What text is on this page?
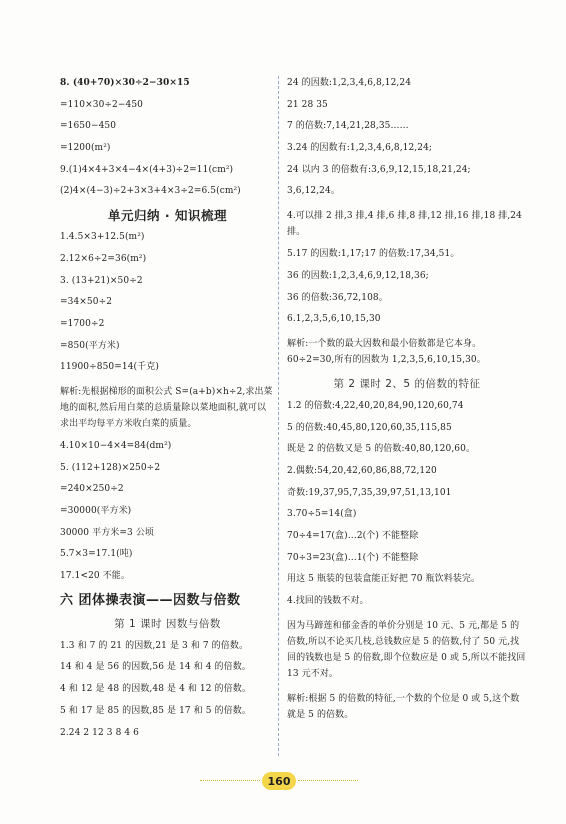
8. (40+70)×30÷2−30×15
=110×30÷2−450
=1650−450
=1200(m²)
9.(1)4×4+3×4−4×(4+3)÷2=11(cm²)
(2)4×(4−3)÷2+3×3+4×3÷2=6.5(cm²)
单元归纳 · 知识梳理
1.4.5×3+12.5(m²)
2.12×6÷2=36(m²)
3. (13+21)×50÷2
=34×50÷2
=1700÷2
=850(平方米)
11900÷850=14(千克)
解析:先根据梯形的面积公式 S=(a+b)×h÷2,求出菜地的面积,然后用白菜的总质量除以菜地面积,就可以求出平均每平方米收白菜的质量。
4.10×10−4×4=84(dm²)
5. (112+128)×250÷2
=240×250÷2
=30000(平方米)
30000 平方米=3 公顷
5.7×3=17.1(吨)
17.1<20 不能。
六 团体操表演——因数与倍数
第 1 课时 因数与倍数
1.3 和 7 的 21 的因数,21 是 3 和 7 的倍数。
14 和 4 是 56 的因数,56 是 14 和 4 的倍数。
4 和 12 是 48 的因数,48 是 4 和 12 的倍数。
5 和 17 是 85 的因数,85 是 17 和 5 的倍数。
2.24 2 12 3 8 4 6
24 的因数:1,2,3,4,6,8,12,24
21 28 35
7 的倍数:7,14,21,28,35……
3.24 的因数有:1,2,3,4,6,8,12,24;
24 以内 3 的倍数有:3,6,9,12,15,18,21,24;
3,6,12,24。
4.可以排 2 排,3 排,4 排,6 排,8 排,12 排,16 排,18 排,24 排。
5.17 的因数:1,17;17 的倍数:17,34,51。
36 的因数:1,2,3,4,6,9,12,18,36;
36 的倍数:36,72,108。
6.1,2,3,5,6,10,15,30
解析:一个数的最大因数和最小倍数都是它本身。60÷2=30,所有的因数为 1,2,3,5,6,10,15,30。
第 2 课时 2、5 的倍数的特征
1.2 的倍数:4,22,40,20,84,90,120,60,74
5 的倍数:40,45,80,120,60,35,115,85
既是 2 的倍数又是 5 的倍数:40,80,120,60。
2.偶数:54,20,42,60,86,88,72,120
奇数:19,37,95,7,35,39,97,51,13,101
3.70÷5=14(盒)
70÷4=17(盒)…2(个) 不能整除
70÷3=23(盒)…1(个) 不能整除
用这 5 瓶装的包装盒能正好把 70 瓶饮料装完。
4.找回的钱数不对。
因为马蹄莲和郁金香的单价分别是 10 元、5 元,都是 5 的倍数,所以不论买几枝,总钱数应是 5 的倍数,付了 50 元,找回的钱数也是 5 的倍数,即个位数应是 0 或 5,所以不能找回 13 元不对。
解析:根据 5 的倍数的特征,一个数的个位是 0 或 5,这个数就是 5 的倍数。
160
